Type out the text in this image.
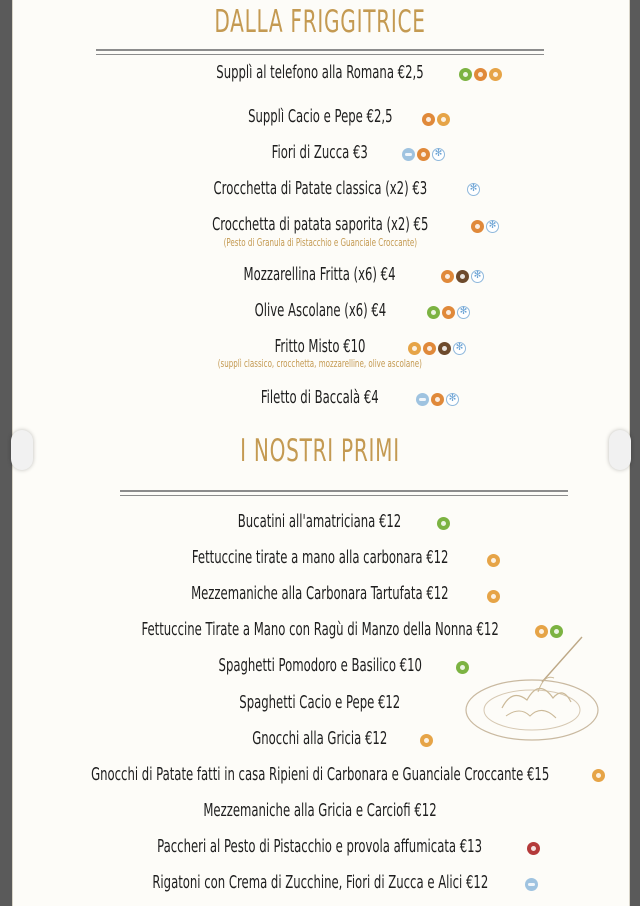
DALLA FRIGGITRICE
Supplì al telefono alla Romana €2,5
Supplì Cacio e Pepe €2,5
Fiori di Zucca €3	✻
Crocchetta di Patate classica (x2) €3	✻
Crocchetta di patata saporita (x2) €5
(Pesto di Granula di Pistacchio e Guanciale Croccante)
✻
Mozzarellina Fritta (x6) €4	✻
Olive Ascolane (x6) €4	✻
Fritto Misto €10
(supplì classico, crocchetta, mozzarelline, olive ascolane)
✻
Filetto di Baccalà €4	✻
I NOSTRI PRIMI
Bucatini all'amatriciana €12
Fettuccine tirate a mano alla carbonara €12
Mezzemaniche alla Carbonara Tartufata €12
Fettuccine Tirate a Mano con Ragù di Manzo della Nonna €12
Spaghetti Pomodoro e Basilico €10
Spaghetti Cacio e Pepe €12
Gnocchi alla Gricia €12
Gnocchi di Patate fatti in casa Ripieni di Carbonara e Guanciale Croccante €15
Mezzemaniche alla Gricia e Carciofi €12
Paccheri al Pesto di Pistacchio e provola affumicata €13
Rigatoni con Crema di Zucchine, Fiori di Zucca e Alici €12
